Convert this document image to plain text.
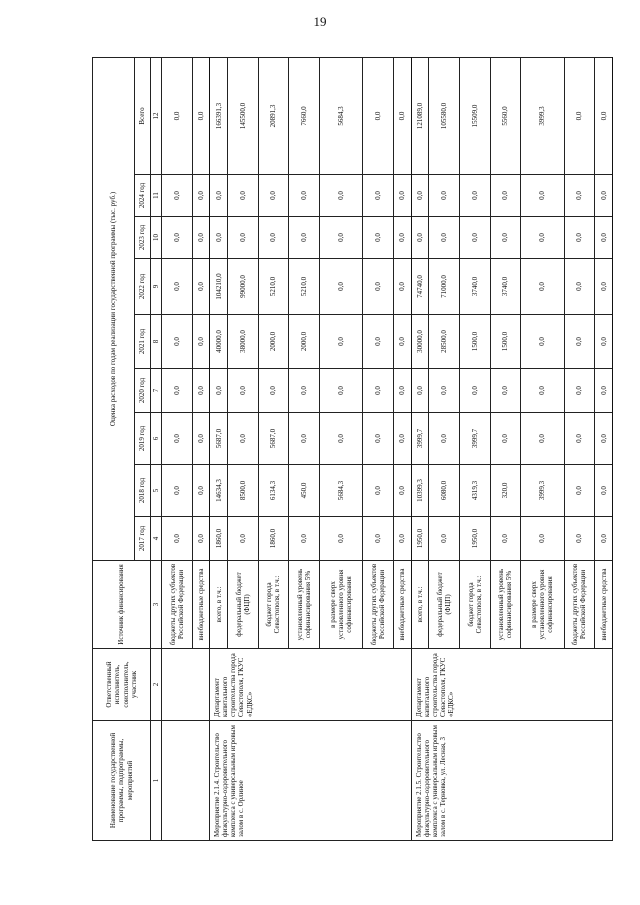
19
Наименование государственной программы, подпрограммы, мероприятий	Ответственный исполнитель, соисполнитель, участник	Источник финансирования	Оценка расходов по годам реализации государственной программы (тыс. руб.)								
			2017 год	2018 год	2019 год	2020 год	2021 год	2022 год	2023 год	2024 год	Всего
1	2	3	4	5	6	7	8	9	10	11	12
		бюджеты других субъектов Российской Федерации	0,0	0,0	0,0	0,0	0,0	0,0	0,0	0,0	0,0
		внебюджетные средства	0,0	0,0	0,0	0,0	0,0	0,0	0,0	0,0	0,0
Мероприятие 2.1.4. Строительство физкультурно-оздоровительного комплекса с универсальным игровым залом в с. Орлиное	Департамент капитального строительства города Севастополя, ГКУС «ЕДКС»	всего, в т.ч.:	1860,0	14634,3	5687,0	0,0	40000,0	104210,0	0,0	0,0	166391,3
		федеральный бюджет (ФЦП)	0,0	8500,0	0,0	0,0	38000,0	99000,0	0,0	0,0	145500,0
		бюджет города Севастополя, в т.ч.:	1860,0	6134,3	5687,0	0,0	2000,0	5210,0	0,0	0,0	20891,3
		установленный уровень софинансирования 5%	0,0	450,0	0,0	0,0	2000,0	5210,0	0,0	0,0	7660,0
		в размере сверх установленного уровня софинансирования	0,0	5684,3	0,0	0,0	0,0	0,0	0,0	0,0	5684,3
		бюджеты других субъектов Российской Федерации	0,0	0,0	0,0	0,0	0,0	0,0	0,0	0,0	0,0
		внебюджетные средства	0,0	0,0	0,0	0,0	0,0	0,0	0,0	0,0	0,0
Мероприятие 2.1.5. Строительство физкультурно-оздоровительного комплекса с универсальным игровым залом в с. Терновка, ул. Лесная, 3	Департамент капитального строительства города Севастополя, ГКУС «ЕДКС»	всего, в т.ч.:	1950,0	10399,3	3999,7	0,0	30000,0	74740,0	0,0	0,0	121089,0
		федеральный бюджет (ФЦП)	0,0	6080,0	0,0	0,0	28500,0	71000,0	0,0	0,0	105580,0
		бюджет города Севастополя, в т.ч.:	1950,0	4319,3	3999,7	0,0	1500,0	3740,0	0,0	0,0	15509,0
		установленный уровень софинансирования 5%	0,0	320,0	0,0	0,0	1500,0	3740,0	0,0	0,0	5560,0
		в размере сверх установленного уровня софинансирования	0,0	3999,3	0,0	0,0	0,0	0,0	0,0	0,0	3999,3
		бюджеты других субъектов Российской Федерации	0,0	0,0	0,0	0,0	0,0	0,0	0,0	0,0	0,0
		внебюджетные средства	0,0	0,0	0,0	0,0	0,0	0,0	0,0	0,0	0,0
